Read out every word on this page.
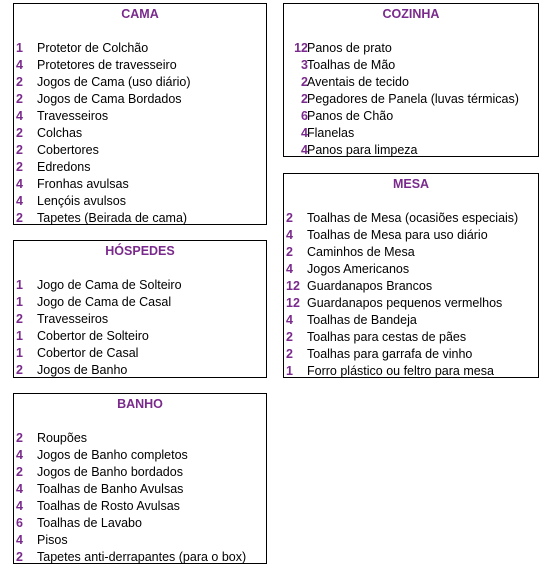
CAMA
1 Protetor de Colchão
4 Protetores de travesseiro
2 Jogos de Cama (uso diário)
2 Jogos de Cama Bordados
4 Travesseiros
2 Colchas
2 Cobertores
2 Edredons
4 Fronhas avulsas
4 Lençóis avulsos
2 Tapetes (Beirada de cama)
COZINHA
12 Panos de prato
3 Toalhas de Mão
2 Aventais de tecido
2 Pegadores de Panela (luvas térmicas)
6 Panos de Chão
4 Flanelas
4 Panos para limpeza
HÓSPEDES
1 Jogo de Cama de Solteiro
1 Jogo de Cama de Casal
2 Travesseiros
1 Cobertor de Solteiro
1 Cobertor de Casal
2 Jogos de Banho
MESA
2 Toalhas de Mesa (ocasiões especiais)
4 Toalhas de Mesa para uso diário
2 Caminhos de Mesa
4 Jogos Americanos
12 Guardanapos Brancos
12 Guardanapos pequenos vermelhos
4 Toalhas de Bandeja
2 Toalhas para cestas de pães
2 Toalhas para garrafa de vinho
1 Forro plástico ou feltro para mesa
BANHO
2 Roupões
4 Jogos de Banho completos
2 Jogos de Banho bordados
4 Toalhas de Banho Avulsas
4 Toalhas de Rosto Avulsas
6 Toalhas de Lavabo
4 Pisos
2 Tapetes anti-derrapantes (para o box)
